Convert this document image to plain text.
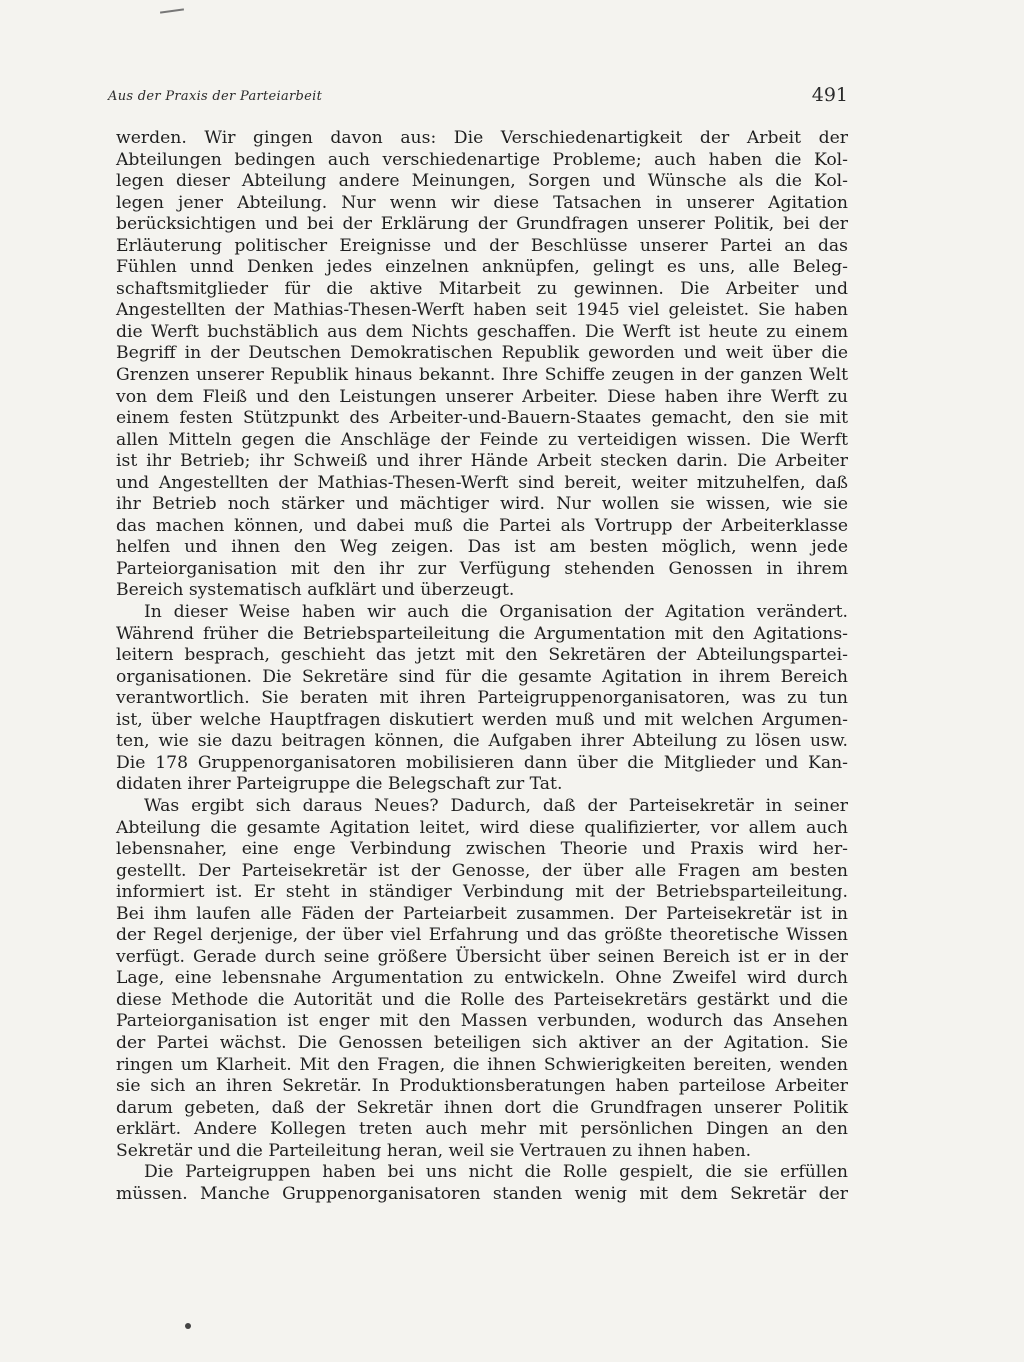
Aus der Praxis der Parteiarbeit	491
werden. Wir gingen davon aus: Die Verschiedenartigkeit der Arbeit der
Abteilungen bedingen auch verschiedenartige Probleme; auch haben die Kol-
legen dieser Abteilung andere Meinungen, Sorgen und Wünsche als die Kol-
legen jener Abteilung. Nur wenn wir diese Tatsachen in unserer Agitation
berücksichtigen und bei der Erklärung der Grundfragen unserer Politik, bei der
Erläuterung politischer Ereignisse und der Beschlüsse unserer Partei an das
Fühlen unnd Denken jedes einzelnen anknüpfen, gelingt es uns, alle Beleg-
schaftsmitglieder für die aktive Mitarbeit zu gewinnen. Die Arbeiter und
Angestellten der Mathias-Thesen-Werft haben seit 1945 viel geleistet. Sie haben
die Werft buchstäblich aus dem Nichts geschaffen. Die Werft ist heute zu einem
Begriff in der Deutschen Demokratischen Republik geworden und weit über die
Grenzen unserer Republik hinaus bekannt. Ihre Schiffe zeugen in der ganzen Welt
von dem Fleiß und den Leistungen unserer Arbeiter. Diese haben ihre Werft zu
einem festen Stützpunkt des Arbeiter-und-Bauern-Staates gemacht, den sie mit
allen Mitteln gegen die Anschläge der Feinde zu verteidigen wissen. Die Werft
ist ihr Betrieb; ihr Schweiß und ihrer Hände Arbeit stecken darin. Die Arbeiter
und Angestellten der Mathias-Thesen-Werft sind bereit, weiter mitzuhelfen, daß
ihr Betrieb noch stärker und mächtiger wird. Nur wollen sie wissen, wie sie
das machen können, und dabei muß die Partei als Vortrupp der Arbeiterklasse
helfen und ihnen den Weg zeigen. Das ist am besten möglich, wenn jede
Parteiorganisation mit den ihr zur Verfügung stehenden Genossen in ihrem
Bereich systematisch aufklärt und überzeugt.
In dieser Weise haben wir auch die Organisation der Agitation verändert.
Während früher die Betriebsparteileitung die Argumentation mit den Agitations-
leitern besprach, geschieht das jetzt mit den Sekretären der Abteilungspartei-
organisationen. Die Sekretäre sind für die gesamte Agitation in ihrem Bereich
verantwortlich. Sie beraten mit ihren Parteigruppenorganisatoren, was zu tun
ist, über welche Hauptfragen diskutiert werden muß und mit welchen Argumen-
ten, wie sie dazu beitragen können, die Aufgaben ihrer Abteilung zu lösen usw.
Die 178 Gruppenorganisatoren mobilisieren dann über die Mitglieder und Kan-
didaten ihrer Parteigruppe die Belegschaft zur Tat.
Was ergibt sich daraus Neues? Dadurch, daß der Parteisekretär in seiner
Abteilung die gesamte Agitation leitet, wird diese qualifizierter, vor allem auch
lebensnaher, eine enge Verbindung zwischen Theorie und Praxis wird her-
gestellt. Der Parteisekretär ist der Genosse, der über alle Fragen am besten
informiert ist. Er steht in ständiger Verbindung mit der Betriebsparteileitung.
Bei ihm laufen alle Fäden der Parteiarbeit zusammen. Der Parteisekretär ist in
der Regel derjenige, der über viel Erfahrung und das größte theoretische Wissen
verfügt. Gerade durch seine größere Übersicht über seinen Bereich ist er in der
Lage, eine lebensnahe Argumentation zu entwickeln. Ohne Zweifel wird durch
diese Methode die Autorität und die Rolle des Parteisekretärs gestärkt und die
Parteiorganisation ist enger mit den Massen verbunden, wodurch das Ansehen
der Partei wächst. Die Genossen beteiligen sich aktiver an der Agitation. Sie
ringen um Klarheit. Mit den Fragen, die ihnen Schwierigkeiten bereiten, wenden
sie sich an ihren Sekretär. In Produktionsberatungen haben parteilose Arbeiter
darum gebeten, daß der Sekretär ihnen dort die Grundfragen unserer Politik
erklärt. Andere Kollegen treten auch mehr mit persönlichen Dingen an den
Sekretär und die Parteileitung heran, weil sie Vertrauen zu ihnen haben.
Die Parteigruppen haben bei uns nicht die Rolle gespielt, die sie erfüllen
müssen. Manche Gruppenorganisatoren standen wenig mit dem Sekretär der
